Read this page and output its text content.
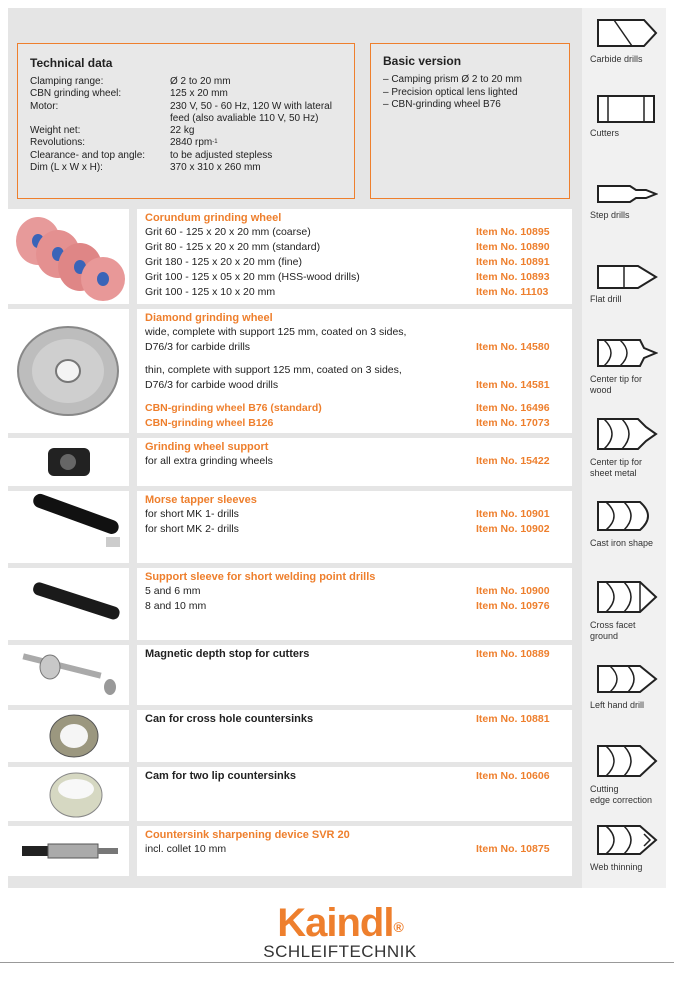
Technical data
Clamping range:	Ø 2 to 20 mm
CBN grinding wheel:	125 x 20 mm
Motor:	230 V, 50 - 60 Hz, 120 W with lateral
feed (also avaliable 110 V, 50 Hz)
Weight net:	22 kg
Revolutions:	2840 rpm$^{-1}$
Clearance- and top angle:	to be adjusted stepless
Dim (L x W x H):	370 x 310 x 260 mm
Basic version
– Camping prism Ø 2 to 20 mm
– Precision optical lens lighted
– CBN-grinding wheel B76
Corundum grinding wheel
Grit 60 - 125 x 20 x 20 mm (coarse)	Item No. 10895
Grit 80 - 125 x 20 x 20 mm (standard)	Item No. 10890
Grit 180 - 125 x 20 x 20 mm (fine)	Item No. 10891
Grit 100 - 125 x 05 x 20 mm (HSS-wood drills)	Item No. 10893
Grit 100 - 125 x 10 x 20 mm	Item No. 11103
Diamond grinding wheel
wide, complete with support 125 mm, coated on 3 sides,
D76/3 for carbide drills	Item No. 14580
thin, complete with support 125 mm, coated on 3 sides,
D76/3 for carbide wood drills	Item No. 14581
CBN-grinding wheel B76 (standard)	Item No. 16496
CBN-grinding wheel B126	Item No. 17073
Grinding wheel support
for all extra grinding wheels	Item No. 15422
Morse tapper sleeves
for short MK 1- drills	Item No. 10901
for short MK 2- drills	Item No. 10902
Support sleeve for short welding point drills
5 and 6 mm	Item No. 10900
8 and 10 mm	Item No. 10976
Magnetic depth stop for cutters	Item No. 10889
Can for cross hole countersinks	Item No. 10881
Cam for two lip countersinks	Item No. 10606
Countersink sharpening device SVR 20
incl. collet 10 mm	Item No. 10875
Carbide drills
Cutters
Step drills
Flat drill
Center tip for
wood
Center tip for
sheet metal
Cast iron shape
Cross facet
ground
Left hand drill
Cutting
edge correction
Web thinning
Kaindl®
SCHLEIFTECHNIK
